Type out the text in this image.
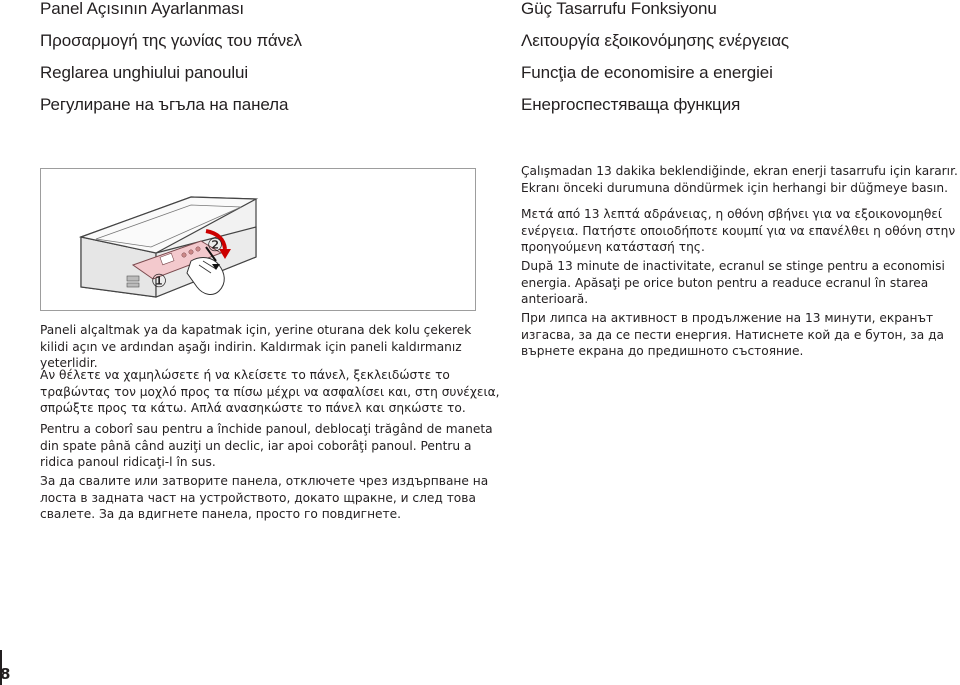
Panel Açısının Ayarlanması
Προσαρμογή της γωνίας του πάνελ
Reglarea unghiului panoului
Регулиране на ъгъла на панела
Güç Tasarrufu Fonksiyonu
Λειτουργία εξοικονόμησης ενέργειας
Funcţia de economisire a energiei
Енергоспестяваща функция
①
②
Paneli alçaltmak ya da kapatmak için, yerine oturana dek kolu çekerek kilidi açın ve ardından aşağı indirin. Kaldırmak için paneli kaldırmanız yeterlidir.
Αν θέλετε να χαμηλώσετε ή να κλείσετε το πάνελ, ξεκλειδώστε το τραβώντας τον μοχλό προς τα πίσω μέχρι να ασφαλίσει και, στη συνέχεια, σπρώξτε προς τα κάτω. Απλά ανασηκώστε το πάνελ και σηκώστε το.
Pentru a coborî sau pentru a închide panoul, deblocaţi trăgând de maneta din spate până când auziţi un declic, iar apoi coborâţi panoul. Pentru a ridica panoul ridicaţi-l în sus.
За да свалите или затворите панела, отключете чрез издърпване на лоста в задната част на устройството, докато щракне, и след това свалете. За да вдигнете панела, просто го повдигнете.
Çalışmadan 13 dakika beklendiğinde, ekran enerji tasarrufu için kararır. Ekranı önceki durumuna döndürmek için herhangi bir düğmeye basın.
Μετά από 13 λεπτά αδράνειας, η οθόνη σβήνει για να εξοικονομηθεί ενέργεια. Πατήστε οποιοδήποτε κουμπί για να επανέλθει η οθόνη στην προηγούμενη κατάστασή της.
După 13 minute de inactivitate, ecranul se stinge pentru a economisi energia. Apăsaţi pe orice buton pentru a readuce ecranul în starea anterioară.
При липса на активност в продължение на 13 минути, екранът изгасва, за да се пести енергия. Натиснете кой да е бутон, за да върнете екрана до предишното състояние.
8
